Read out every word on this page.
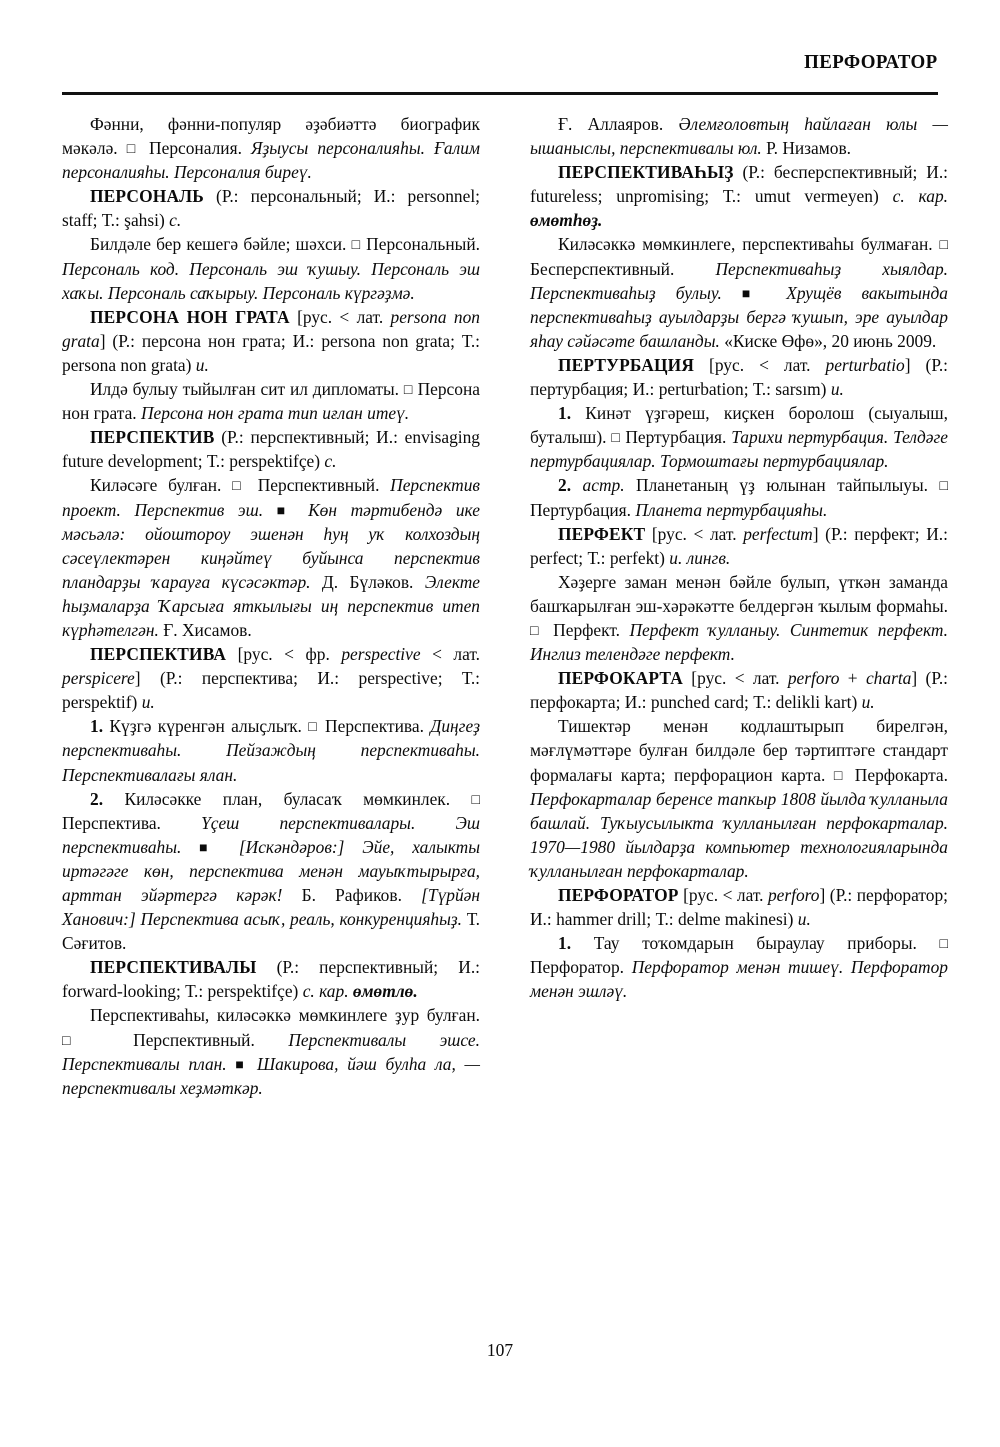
ПЕРФОРАТОР

Фәнни, фәнни-популяр әҙәбиәттә биографик мәкәлә. □ Персоналия. Яҙыусы персоналияһы. Ғалим персоналияһы. Персоналия биреү.

ПЕРСОНАЛЬ (Р.: персональный; И.: personnel; staff; Т.: şahsi) с.

Билдәле бер кешегә бәйле; шәхси. □ Персональный. Персональ код. Персональ эш ҡушыу. Персональ эш хаҡы. Персональ саҡырыу. Персональ күргәҙмә.

ПЕРСОНА НОН ГРАТА [рус. < лат. persona non grata] (Р.: персона нон грата; И.: persona non grata; Т.: persona non grata) и.

Илдә булыу тыйылған сит ил дипломаты. □ Персона нон грата. Персона нон грата тип иғлан итеү.

ПЕРСПЕКТИВ (Р.: перспективный; И.: envisaging future development; Т.: perspektifçe) с.

Киләсәге булған. □ Перспективный. Перспектив проект. Перспектив эш. ■ Көн тәртибендә ике мәсьәлә: ойоштороу эшенән һуң уҡ колхоздың сәсеүлектәрен киңәйтеү буйынса перспектив пландарҙы ҡарауға күсәсәктәр. Д. Бүләков. Электе һыҙмаларҙа Ҡарсыға яткылығы иң перспектив итеп күрһәтелгән. Ғ. Хисамов.

ПЕРСПЕКТИВА [рус. < фр. perspective < лат. perspicere] (Р.: перспектива; И.: perspective; Т.: perspektif) и.

1. Күҙгә күренгән алыҫлыҡ. □ Перспектива. Диңгеҙ перспективаһы. Пейзаждың перспективаһы. Перспективалағы ялан.

2. Киләсәкке план, буласаҡ мөмкинлек. □ Перспектива. Үçеш перспективалары. Эш перспективаһы. ■ [Искәндәров:] Эйе, халыкты иртәгәге көн, перспектива менән мауыҡтырырға, арттан эйәртергә кәрәк! Б. Рафиков. [Түрйән Ханович:] Перспектива асыҡ, реаль, конкуренцияһыҙ. Т. Сәғитов.

ПЕРСПЕКТИВАЛЫ (Р.: перспективный; И.: forward-looking; Т.: perspektifçe) с. кар. өмөтлө.

Перспективаһы, киләсәккә мөмкинлеге ҙур булған. □ Перспективный. Перспективалы эшсе. Перспективалы план. ■ Шакирова, йәш булһа ла, — перспективалы хеҙмәткәр.

Ғ. Аллаяров. Әлемғоловтың һайлаған юлы — ышаныслы, перспективалы юл. Р. Низамов.

ПЕРСПЕКТИВАҺЫҘ (Р.: бесперспективный; И.: futureless; unpromising; Т.: umut vermeyen) с. кар. өмөтһөҙ.

Киләсәккә мөмкинлеге, перспективаһы булмаған. □ Бесперспективный. Перспективаһыҙ хыялдар. Перспективаһыҙ булыу. ■ Хрущёв вакытында перспективаһыҙ ауылдарҙы бергә ҡушып, эре ауылдар яһау сәйәсәте башланды. «Киске Өфө», 20 июнь 2009.

ПЕРТУРБАЦИЯ [рус. < лат. perturbatio] (Р.: пертурбация; И.: perturbation; Т.: sarsım) и.

1. Кинәт үҙгәреш, киҫкен боролош (сыуалыш, буталыш). □ Пертурбация. Тарихи пертурбация. Телдәге пертурбациялар. Тормоштағы пертурбациялар.

2. астр. Планетаның үҙ юлынан тайпылыуы. □ Пертурбация. Планета пертурбацияһы.

ПЕРФЕКТ [рус. < лат. perfectum] (Р.: перфект; И.: perfect; Т.: perfekt) и. лингв.

Хәҙерге заман менән бәйле булып, үткән заманда башҡарылған эш-хәрәкәтте белдергән ҡылым формаһы. □ Перфект. Перфект ҡулланыу. Синтетик перфект. Инглиз телендәге перфект.

ПЕРФОКАРТА [рус. < лат. perforo + charta] (Р.: перфокарта; И.: punched card; Т.: delikli kart) и.

Тишектәр менән кодлаштырып бирелгән, мәғлүмәттәре булған билдәле бер тәртиптәге стандарт формалағы карта; перфорацион карта. □ Перфокарта. Перфокарталар беренсе тапкыр 1808 йылда ҡулланыла башлай. Туҡыусылыкта ҡулланылған перфокарталар. 1970—1980 йылдарҙа компьютер технологияларында ҡулланылған перфокарталар.

ПЕРФОРАТОР [рус. < лат. perforo] (Р.: перфоратор; И.: hammer drill; Т.: delme makinesi) и.

1. Тау тоҡомдарын быраулау приборы. □ Перфоратор. Перфоратор менән тишеү. Перфоратор менән эшләү.

107
